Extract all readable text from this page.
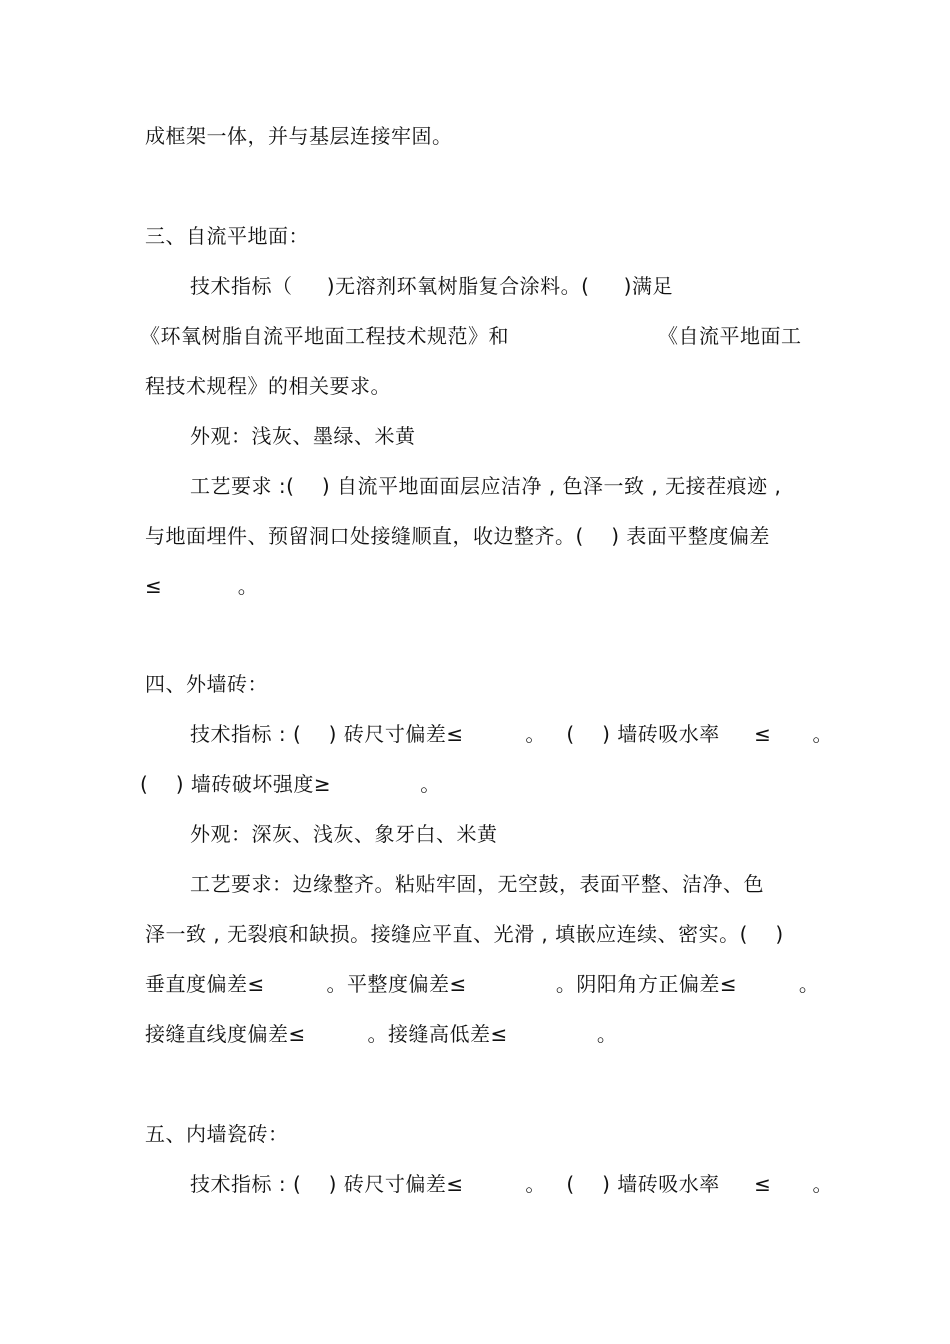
成框架一体，并与基层连接牢固。
三、自流平地面：
技术指标（     )无溶剂环氧树脂复合涂料。(     )满足
《环氧树脂自流平地面工程技术规范》和	《自流平地面工
程技术规程》的相关要求。
外观：浅灰、墨绿、米黄
工艺要求 :(    ) 自流平地面面层应洁净 , 色泽一致 , 无接茬痕迹 ,
与地面埋件、预留洞口处接缝顺直，收边整齐。(    ) 表面平整度偏差
≤           。
四、外墙砖：
技术指标 : (    ) 砖尺寸偏差≤         。   (    ) 墙砖吸水率     ≤      。
(    ) 墙砖破坏强度≥             。
外观：深灰、浅灰、象牙白、米黄
工艺要求：边缘整齐。粘贴牢固，无空鼓，表面平整、洁净、色
泽一致 , 无裂痕和缺损。接缝应平直、光滑 , 填嵌应连续、密实。(    )
垂直度偏差≤         。平整度偏差≤             。阴阳角方正偏差≤         。
接缝直线度偏差≤         。接缝高低差≤             。
五、内墙瓷砖：
技术指标 : (    ) 砖尺寸偏差≤         。   (    ) 墙砖吸水率     ≤      。
